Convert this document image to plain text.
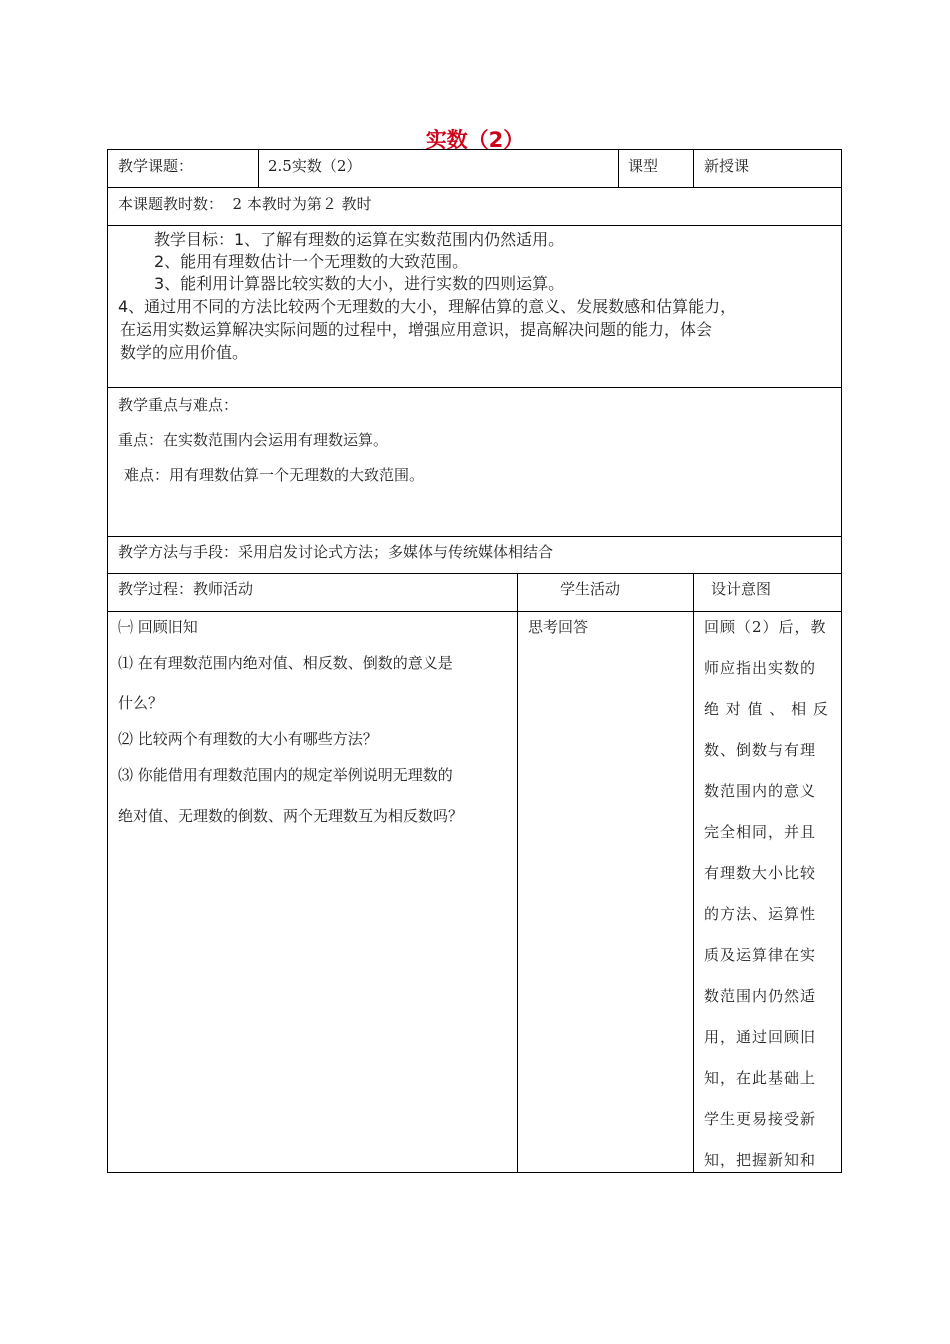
实数（2）
教学课题：	2.5实数（2）	课型	新授课
本课题教时数：  2 本教时为第２ 教时
教学目标：1、了解有理数的运算在实数范围内仍然适用。
2、能用有理数估计一个无理数的大致范围。
3、能利用计算器比较实数的大小，进行实数的四则运算。
4、通过用不同的方法比较两个无理数的大小，理解估算的意义、发展数感和估算能力，
在运用实数运算解决实际问题的过程中，增强应用意识，提高解决问题的能力，体会
数学的应用价值。
教学重点与难点：
重点：在实数范围内会运用有理数运算。
难点：用有理数估算一个无理数的大致范围。
教学方法与手段：采用启发讨论式方法；多媒体与传统媒体相结合
教学过程：教师活动	学生活动	设计意图
㈠ 回顾旧知
⑴ 在有理数范围内绝对值、相反数、倒数的意义是
什么？
⑵ 比较两个有理数的大小有哪些方法？
⑶ 你能借用有理数范围内的规定举例说明无理数的
绝对值、无理数的倒数、两个无理数互为相反数吗？
思考回答	回顾（2）后，教
师应指出实数的
绝 对 值 、 相 反
数、倒数与有理
数范围内的意义
完全相同，并且
有理数大小比较
的方法、运算性
质及运算律在实
数范围内仍然适
用，通过回顾旧
知，在此基础上
学生更易接受新
知，把握新知和
